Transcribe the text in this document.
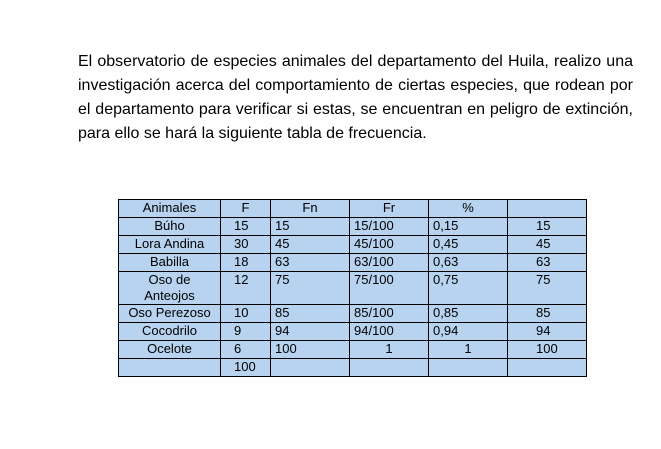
El observatorio de especies animales del departamento del Huila, realizo una investigación acerca del comportamiento de ciertas especies, que rodean por el departamento para verificar si estas, se encuentran en peligro de extinción, para ello se hará la siguiente tabla de frecuencia.

Animales	F	Fn	Fr	%	
Búho	15	15	15/100	0,15	15
Lora Andina	30	45	45/100	0,45	45
Babilla	18	63	63/100	0,63	63
Oso de Anteojos	12	75	75/100	0,75	75
Oso Perezoso	10	85	85/100	0,85	85
Cocodrilo	9	94	94/100	0,94	94
Ocelote	6	100	1	1	100
	100				
